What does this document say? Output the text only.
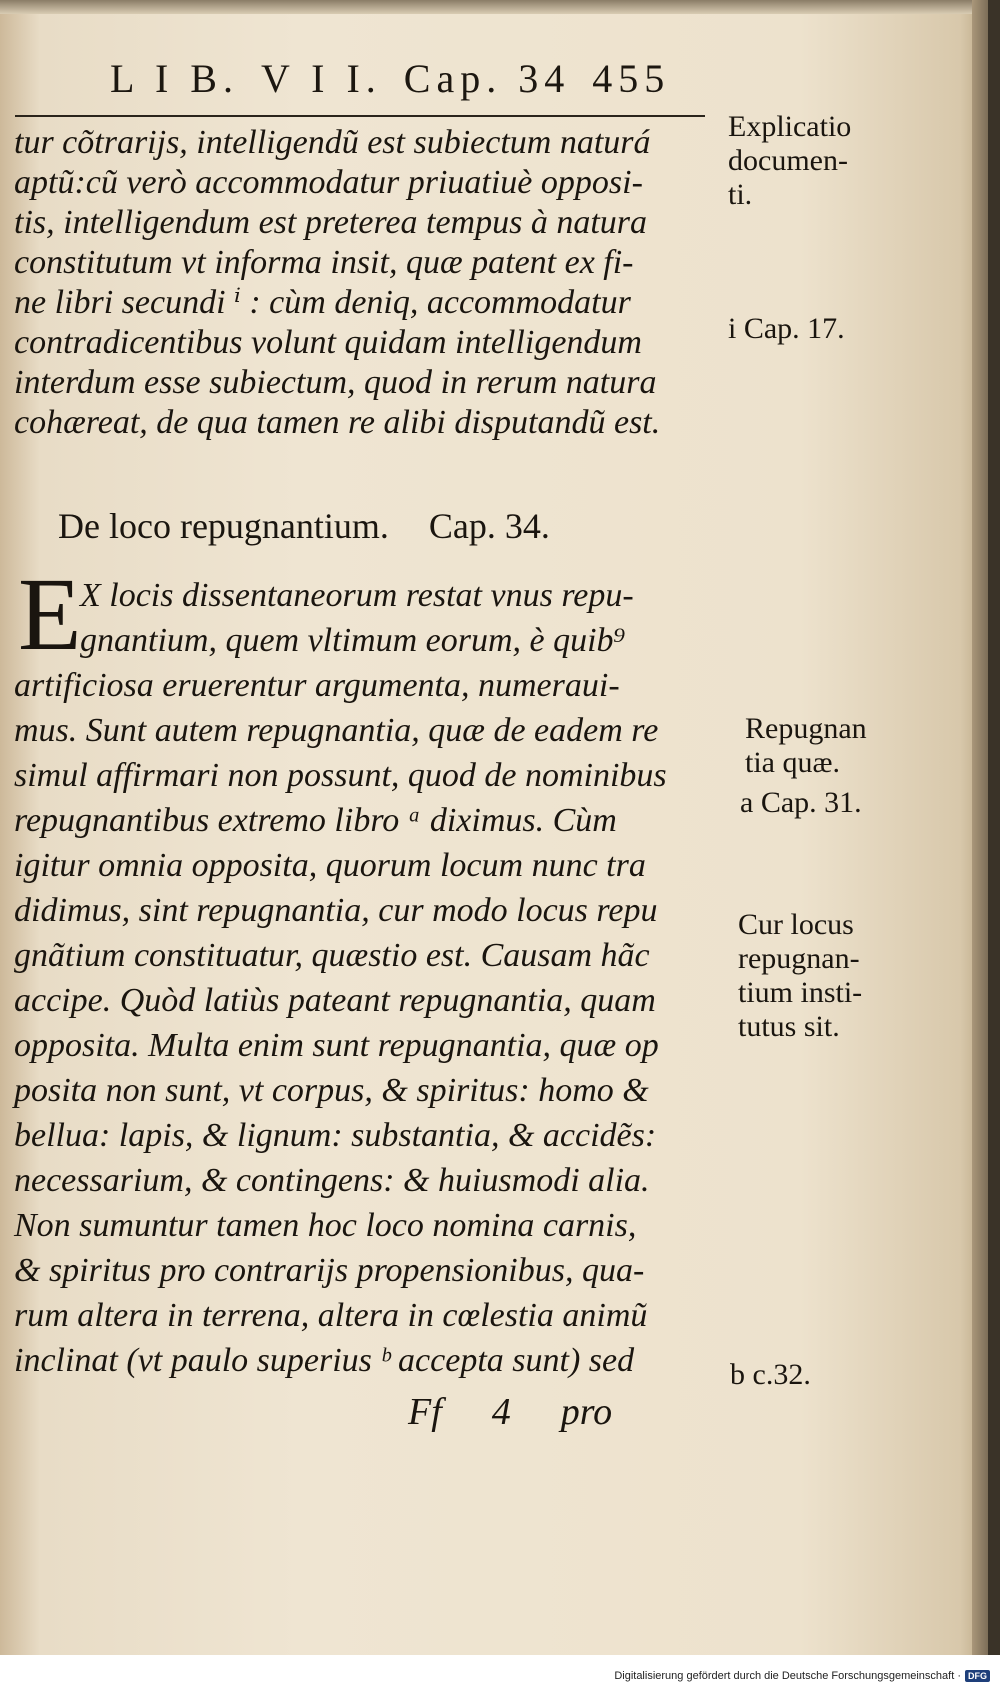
L I B. V I I. Cap. 34 455
tur cõtrarijs, intelligendũ est subiectum naturá
aptũ:cũ verò accommodatur priuatiuè opposi-
tis, intelligendum est preterea tempus à natura
constitutum vt informa insit, quæ patent ex fi-
ne libri secundi ⁱ : cùm deniq, accommodatur
contradicentibus volunt quidam intelligendum
interdum esse subiectum, quod in rerum natura
cohæreat, de qua tamen re alibi disputandũ est.
De loco repugnantium. Cap. 34.
E
X locis dissentaneorum restat vnus repu-
gnantium, quem vltimum eorum, è quib⁹
artificiosa eruerentur argumenta, numeraui-
mus. Sunt autem repugnantia, quæ de eadem re
simul affirmari non possunt, quod de nominibus
repugnantibus extremo libro ᵃ diximus. Cùm
igitur omnia opposita, quorum locum nunc tra
didimus, sint repugnantia, cur modo locus repu
gnãtium constituatur, quæstio est. Causam hãc
accipe. Quòd latiùs pateant repugnantia, quam
opposita. Multa enim sunt repugnantia, quæ op
posita non sunt, vt corpus, & spiritus: homo &
bellua: lapis, & lignum: substantia, & accidẽs:
necessarium, & contingens: & huiusmodi alia.
Non sumuntur tamen hoc loco nomina carnis,
& spiritus pro contrarijs propensionibus, qua-
rum altera in terrena, altera in cœlestia animũ
inclinat (vt paulo superius ᵇ accepta sunt) sed
Explicatio
documen-
ti.
i Cap. 17.
Repugnan
tia quæ.
a Cap. 31.
Cur locus
repugnan-
tium insti-
tutus sit.
b c.32.
Ff 4 pro
Digitalisierung gefördert durch die Deutsche Forschungsgemeinschaft · DFG
